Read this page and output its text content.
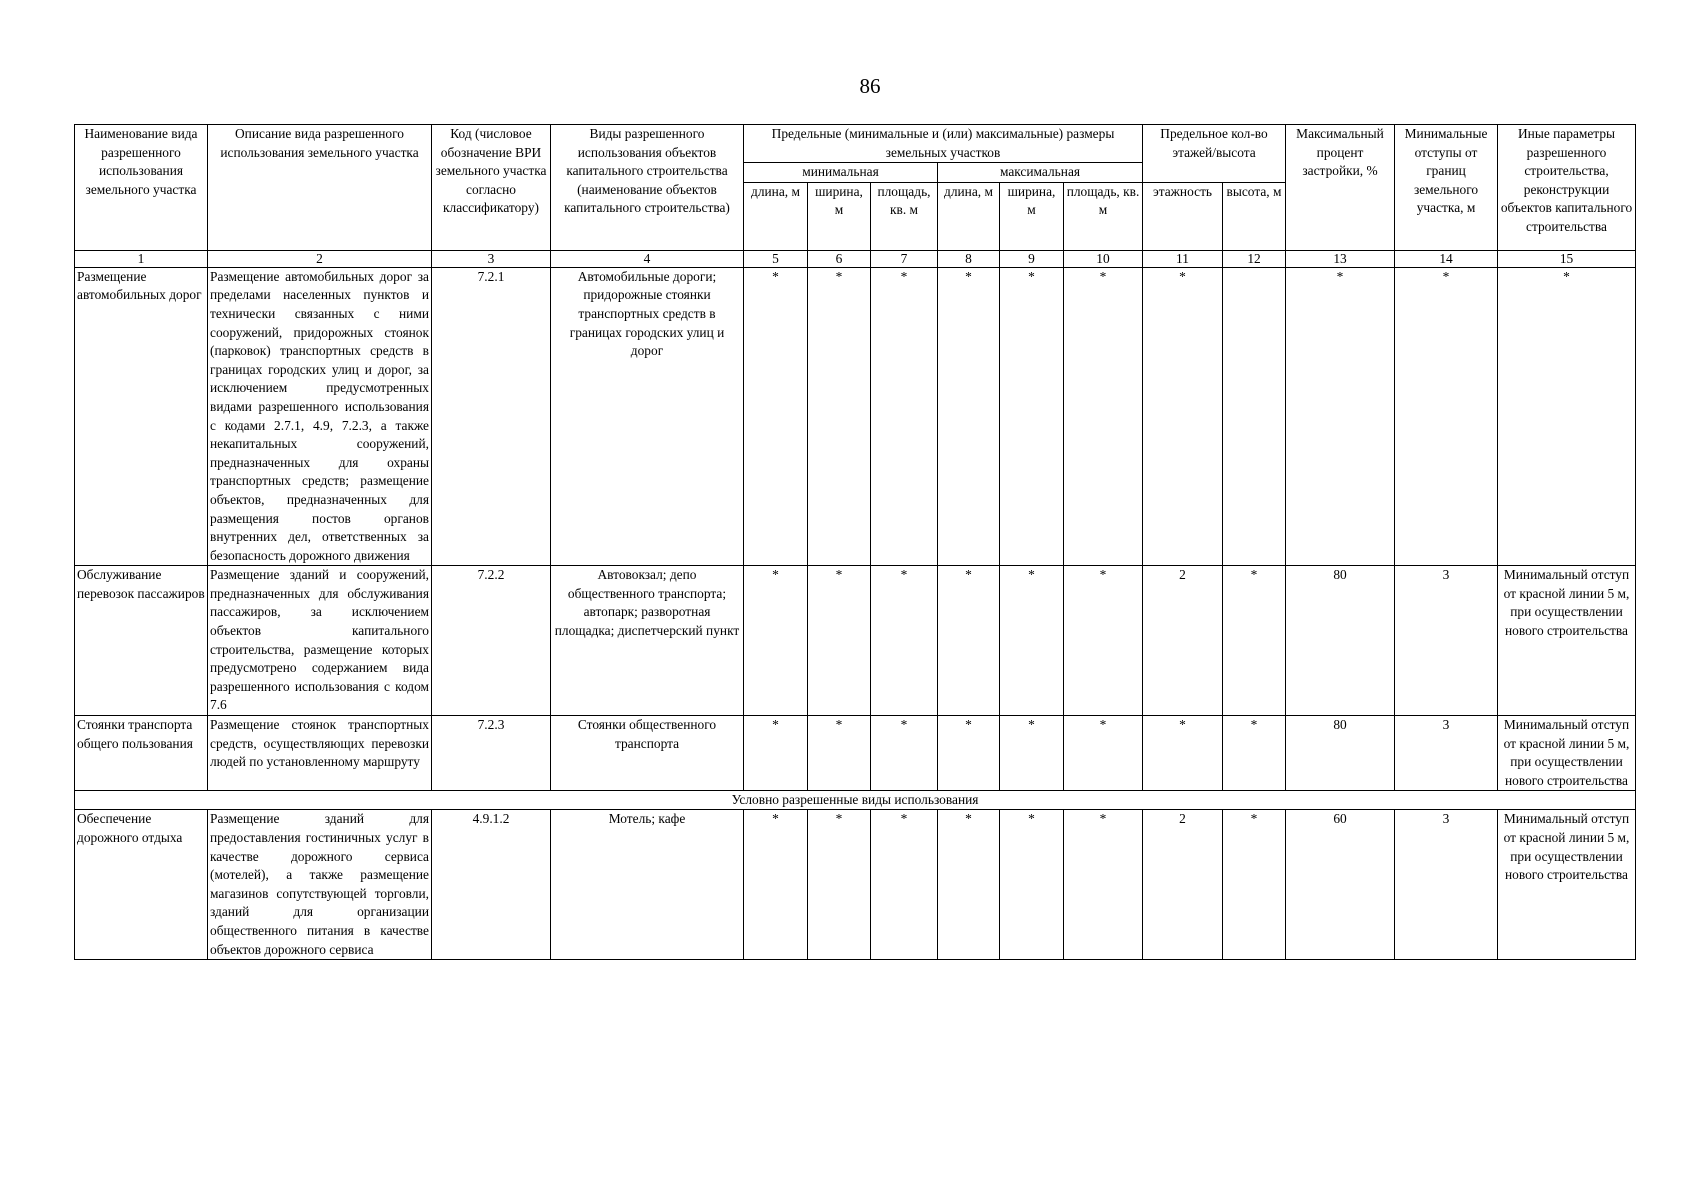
86
Наименование вида разрешенного использования земельного участка	Описание вида разрешенного использования земельного участка	Код (числовое обозначение ВРИ земельного участка согласно классификатору)	Виды разрешенного использования объектов капитального строительства (наименование объектов капитального строительства)	Предельные (минимальные и (или) максимальные) размеры земельных участков						Предельное кол-во этажей/высота		Максимальный процент застройки, %	Минимальные отступы от границ земельного участка, м	Иные параметры разрешенного строительства, реконструкции объектов капитального строительства
				минимальная			максимальная							
				длина, м	ширина, м	площадь, кв. м	длина, м	ширина, м	площадь, кв. м	этажность	высота, м			
1	2	3	4	5	6	7	8	9	10	11	12	13	14	15
Размещение автомобильных дорог	Размещение автомобильных дорог за пределами населенных пунктов и технически связанных с ними сооружений, придорожных стоянок (парковок) транспортных средств в границах городских улиц и дорог, за исключением предусмотренных видами разрешенного использования с кодами 2.7.1, 4.9, 7.2.3, а также некапитальных сооружений, предназначенных для охраны транспортных средств; размещение объектов, предназначенных для размещения постов органов внутренних дел, ответственных за безопасность дорожного движения	7.2.1	Автомобильные дороги; придорожные стоянки транспортных средств в границах городских улиц и дорог	*	*	*	*	*	*	*		*	*	*
Обслуживание перевозок пассажиров	Размещение зданий и сооружений, предназначенных для обслуживания пассажиров, за исключением объектов капитального строительства, размещение которых предусмотрено содержанием вида разрешенного использования с кодом 7.6	7.2.2	Автовокзал; депо общественного транспорта; автопарк; разворотная площадка; диспетчерский пункт	*	*	*	*	*	*	2	*	80	3	Минимальный отступ от красной линии 5 м, при осуществлении нового строительства
Стоянки транспорта общего пользования	Размещение стоянок транспортных средств, осуществляющих перевозки людей по установленному маршруту	7.2.3	Стоянки общественного транспорта	*	*	*	*	*	*	*	*	80	3	Минимальный отступ от красной линии 5 м, при осуществлении нового строительства
Условно разрешенные виды использования														
Обеспечение дорожного отдыха	Размещение зданий для предоставления гостиничных услуг в качестве дорожного сервиса (мотелей), а также размещение магазинов сопутствующей торговли, зданий для организации общественного питания в качестве объектов дорожного сервиса	4.9.1.2	Мотель; кафе	*	*	*	*	*	*	2	*	60	3	Минимальный отступ от красной линии 5 м, при осуществлении нового строительства
